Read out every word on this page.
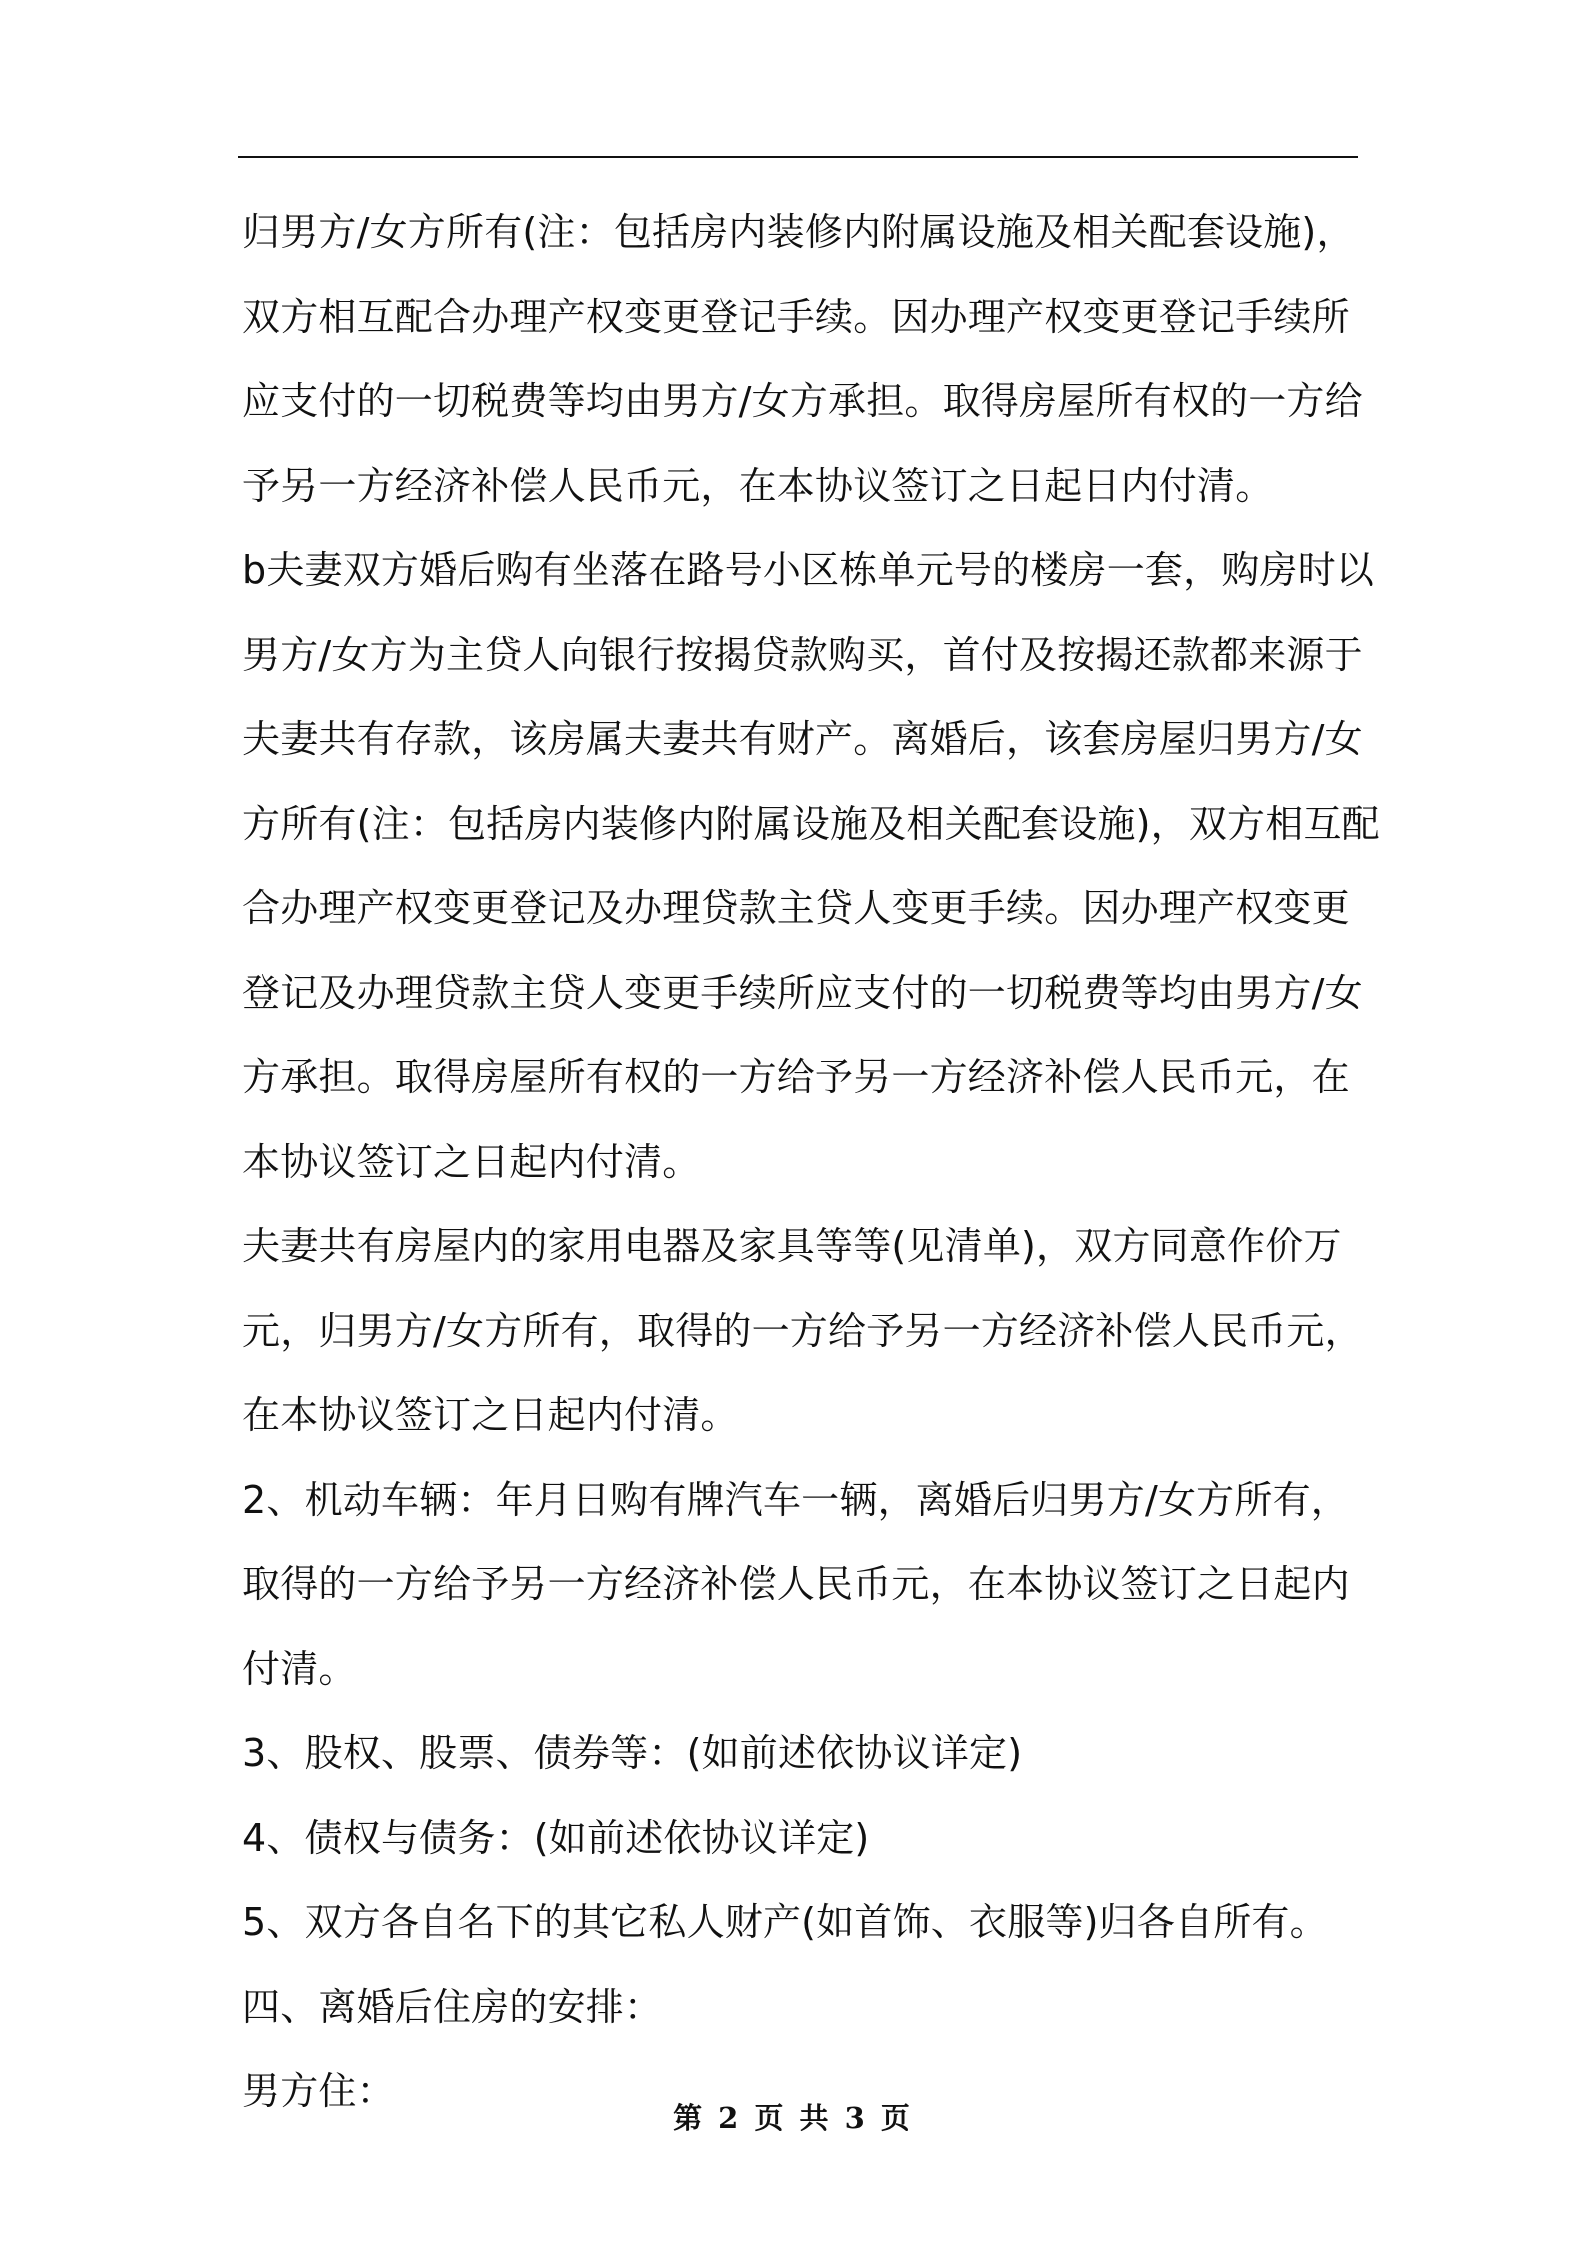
归男方/女方所有(注：包括房内装修内附属设施及相关配套设施)，双方相互配合办理产权变更登记手续。因办理产权变更登记手续所应支付的一切税费等均由男方/女方承担。取得房屋所有权的一方给予另一方经济补偿人民币元，在本协议签订之日起日内付清。

b夫妻双方婚后购有坐落在路号小区栋单元号的楼房一套，购房时以男方/女方为主贷人向银行按揭贷款购买，首付及按揭还款都来源于夫妻共有存款，该房属夫妻共有财产。离婚后，该套房屋归男方/女方所有(注：包括房内装修内附属设施及相关配套设施)，双方相互配合办理产权变更登记及办理贷款主贷人变更手续。因办理产权变更登记及办理贷款主贷人变更手续所应支付的一切税费等均由男方/女方承担。取得房屋所有权的一方给予另一方经济补偿人民币元，在本协议签订之日起内付清。

夫妻共有房屋内的家用电器及家具等等(见清单)，双方同意作价万元，归男方/女方所有，取得的一方给予另一方经济补偿人民币元，在本协议签订之日起内付清。

2、机动车辆：年月日购有牌汽车一辆，离婚后归男方/女方所有，取得的一方给予另一方经济补偿人民币元，在本协议签订之日起内付清。

3、股权、股票、债券等：(如前述依协议详定)

4、债权与债务：(如前述依协议详定)

5、双方各自名下的其它私人财产(如首饰、衣服等)归各自所有。

四、离婚后住房的安排：

男方住：

第 2 页 共 3 页
